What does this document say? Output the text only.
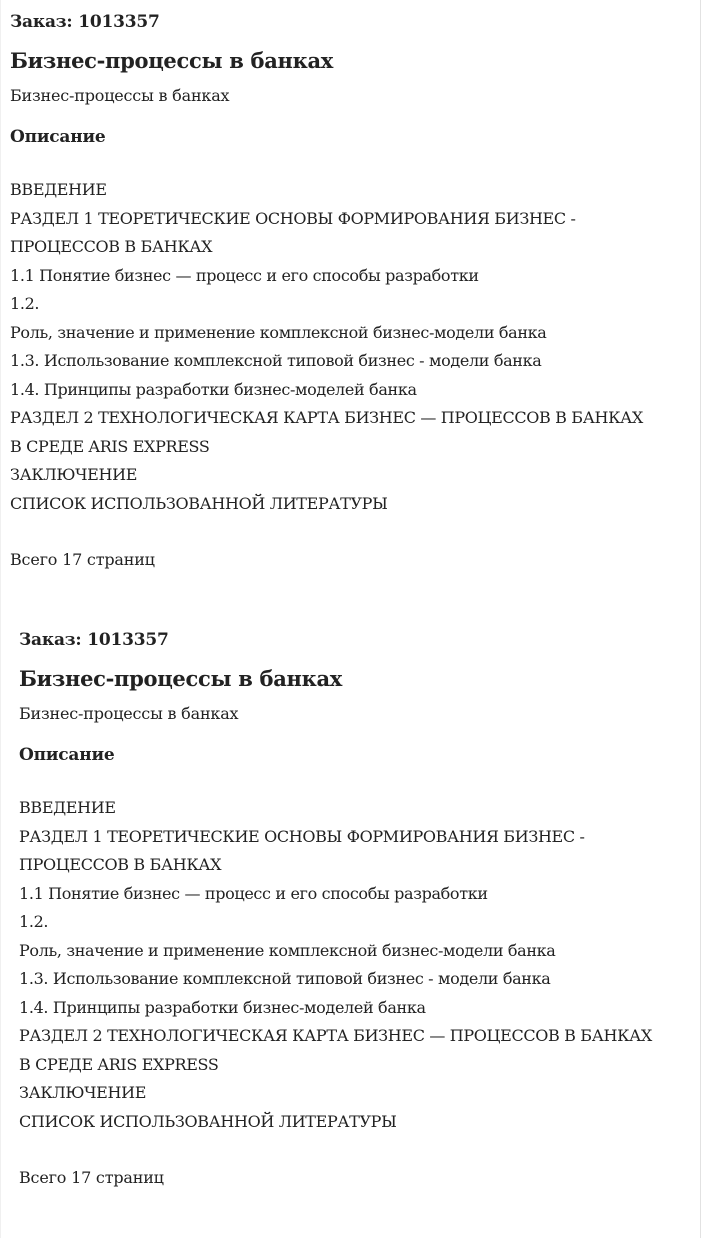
Заказ: 1013357

Бизнес-процессы в банках

Бизнес-процессы в банках

Описание
ВВЕДЕНИЕ
РАЗДЕЛ 1 ТЕОРЕТИЧЕСКИЕ ОСНОВЫ ФОРМИРОВАНИЯ БИЗНЕС - ПРОЦЕССОВ В БАНКАХ
1.1 Понятие бизнес — процесс и его способы разработки
1.2.
Роль, значение и применение комплексной бизнес-модели банка
1.3. Использование комплексной типовой бизнес - модели банка
1.4. Принципы разработки бизнес-моделей банка
РАЗДЕЛ 2 ТЕХНОЛОГИЧЕСКАЯ КАРТА БИЗНЕС — ПРОЦЕССОВ В БАНКАХ В СРЕДЕ ARIS EXPRESS
ЗАКЛЮЧЕНИЕ
СПИСОК ИСПОЛЬЗОВАННОЙ ЛИТЕРАТУРЫ

Всего 17 страниц

Заказ: 1013357

Бизнес-процессы в банках

Бизнес-процессы в банках

Описание
ВВЕДЕНИЕ
РАЗДЕЛ 1 ТЕОРЕТИЧЕСКИЕ ОСНОВЫ ФОРМИРОВАНИЯ БИЗНЕС - ПРОЦЕССОВ В БАНКАХ
1.1 Понятие бизнес — процесс и его способы разработки
1.2.
Роль, значение и применение комплексной бизнес-модели банка
1.3. Использование комплексной типовой бизнес - модели банка
1.4. Принципы разработки бизнес-моделей банка
РАЗДЕЛ 2 ТЕХНОЛОГИЧЕСКАЯ КАРТА БИЗНЕС — ПРОЦЕССОВ В БАНКАХ В СРЕДЕ ARIS EXPRESS
ЗАКЛЮЧЕНИЕ
СПИСОК ИСПОЛЬЗОВАННОЙ ЛИТЕРАТУРЫ

Всего 17 страниц
